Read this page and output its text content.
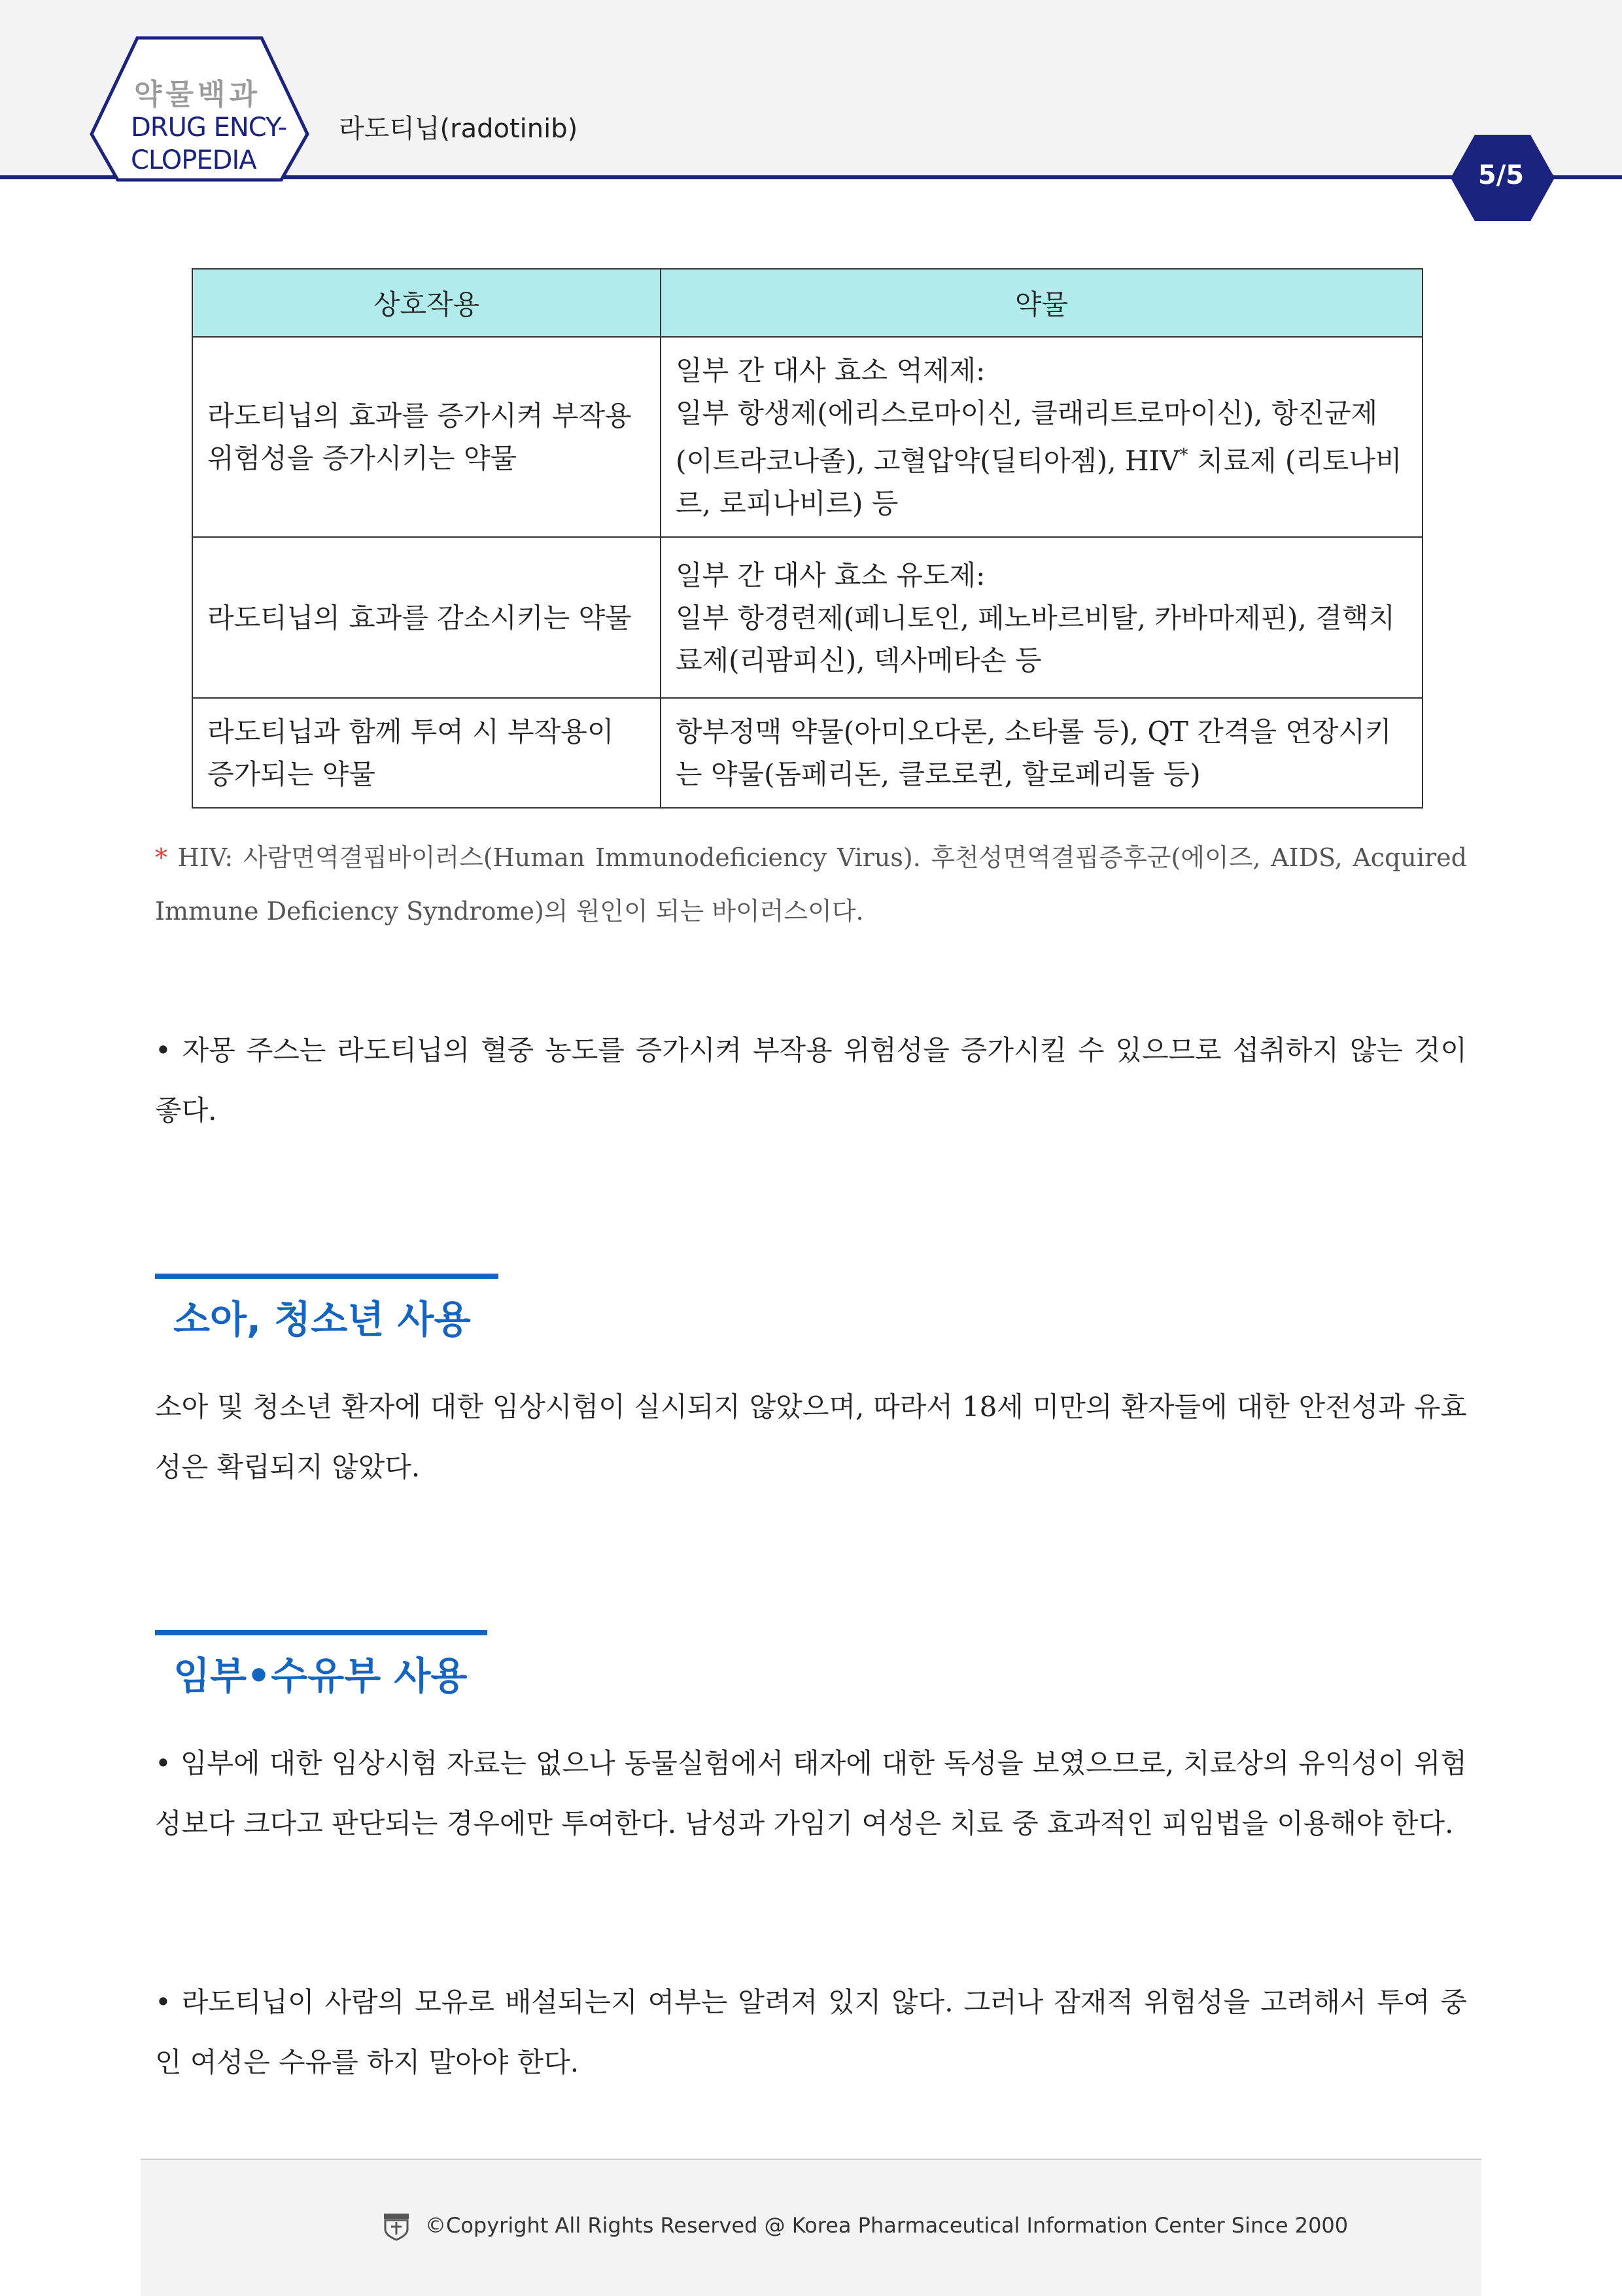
약물백과
DRUG ENCY-
CLOPEDIA
라도티닙(radotinib)
5/5
상호작용	약물
라도티닙의 효과를 증가시켜 부작용 위험성을 증가시키는 약물	일부 간 대사 효소 억제제:
일부 항생제(에리스로마이신, 클래리트로마이신), 항진균제 (이트라코나졸), 고혈압약(딜티아젬), HIV* 치료제 (리토나비르, 로피나비르) 등

라도티닙의 효과를 감소시키는 약물	일부 간 대사 효소 유도제:
일부 항경련제(페니토인, 페노바르비탈, 카바마제핀), 결핵치료제(리팜피신), 덱사메타손 등

라도티닙과 함께 투여 시 부작용이 증가되는 약물	항부정맥 약물(아미오다론, 소타롤 등), QT 간격을 연장시키는 약물(돔페리돈, 클로로퀸, 할로페리돌 등)
* HIV: 사람면역결핍바이러스(Human Immunodeficiency Virus). 후천성면역결핍증후군(에이즈, AIDS, Acquired Immune Deficiency Syndrome)의 원인이 되는 바이러스이다.
• 자몽 주스는 라도티닙의 혈중 농도를 증가시켜 부작용 위험성을 증가시킬 수 있으므로 섭취하지 않는 것이 좋다.
소아, 청소년 사용
소아 및 청소년 환자에 대한 임상시험이 실시되지 않았으며, 따라서 18세 미만의 환자들에 대한 안전성과 유효성은 확립되지 않았다.
임부•수유부 사용
• 임부에 대한 임상시험 자료는 없으나 동물실험에서 태자에 대한 독성을 보였으므로, 치료상의 유익성이 위험성보다 크다고 판단되는 경우에만 투여한다. 남성과 가임기 여성은 치료 중 효과적인 피임법을 이용해야 한다.
• 라도티닙이 사람의 모유로 배설되는지 여부는 알려져 있지 않다. 그러나 잠재적 위험성을 고려해서 투여 중인 여성은 수유를 하지 말아야 한다.
©Copyright All Rights Reserved @ Korea Pharmaceutical Information Center Since 2000
